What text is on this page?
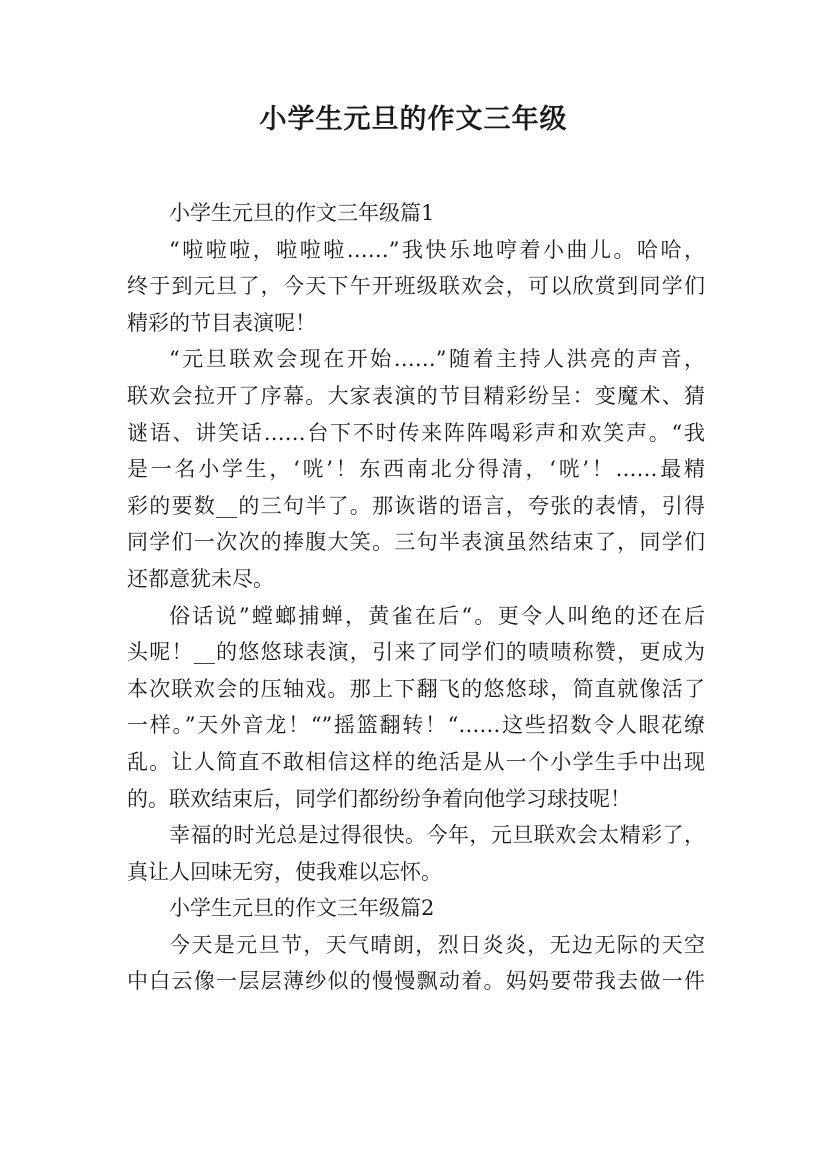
小学生元旦的作文三年级
小学生元旦的作文三年级篇1
“啦啦啦，啦啦啦……”我快乐地哼着小曲儿。哈哈，
终于到元旦了，今天下午开班级联欢会，可以欣赏到同学们
精彩的节目表演呢！
“元旦联欢会现在开始……”随着主持人洪亮的声音，
联欢会拉开了序幕。大家表演的节目精彩纷呈：变魔术、猜
谜语、讲笑话……台下不时传来阵阵喝彩声和欢笑声。“我
是一名小学生，‘咣’！东西南北分得清，‘咣’！……最精
彩的要数__的三句半了。那诙谐的语言，夸张的表情，引得
同学们一次次的捧腹大笑。三句半表演虽然结束了，同学们
还都意犹未尽。
俗话说”螳螂捕蝉，黄雀在后“。更令人叫绝的还在后
头呢！__的悠悠球表演，引来了同学们的啧啧称赞，更成为
本次联欢会的压轴戏。那上下翻飞的悠悠球，简直就像活了
一样。”天外音龙！“”摇篮翻转！“……这些招数令人眼花缭
乱。让人简直不敢相信这样的绝活是从一个小学生手中出现
的。联欢结束后，同学们都纷纷争着向他学习球技呢！
幸福的时光总是过得很快。今年，元旦联欢会太精彩了，
真让人回味无穷，使我难以忘怀。
小学生元旦的作文三年级篇2
今天是元旦节，天气晴朗，烈日炎炎，无边无际的天空
中白云像一层层薄纱似的慢慢飘动着。妈妈要带我去做一件
